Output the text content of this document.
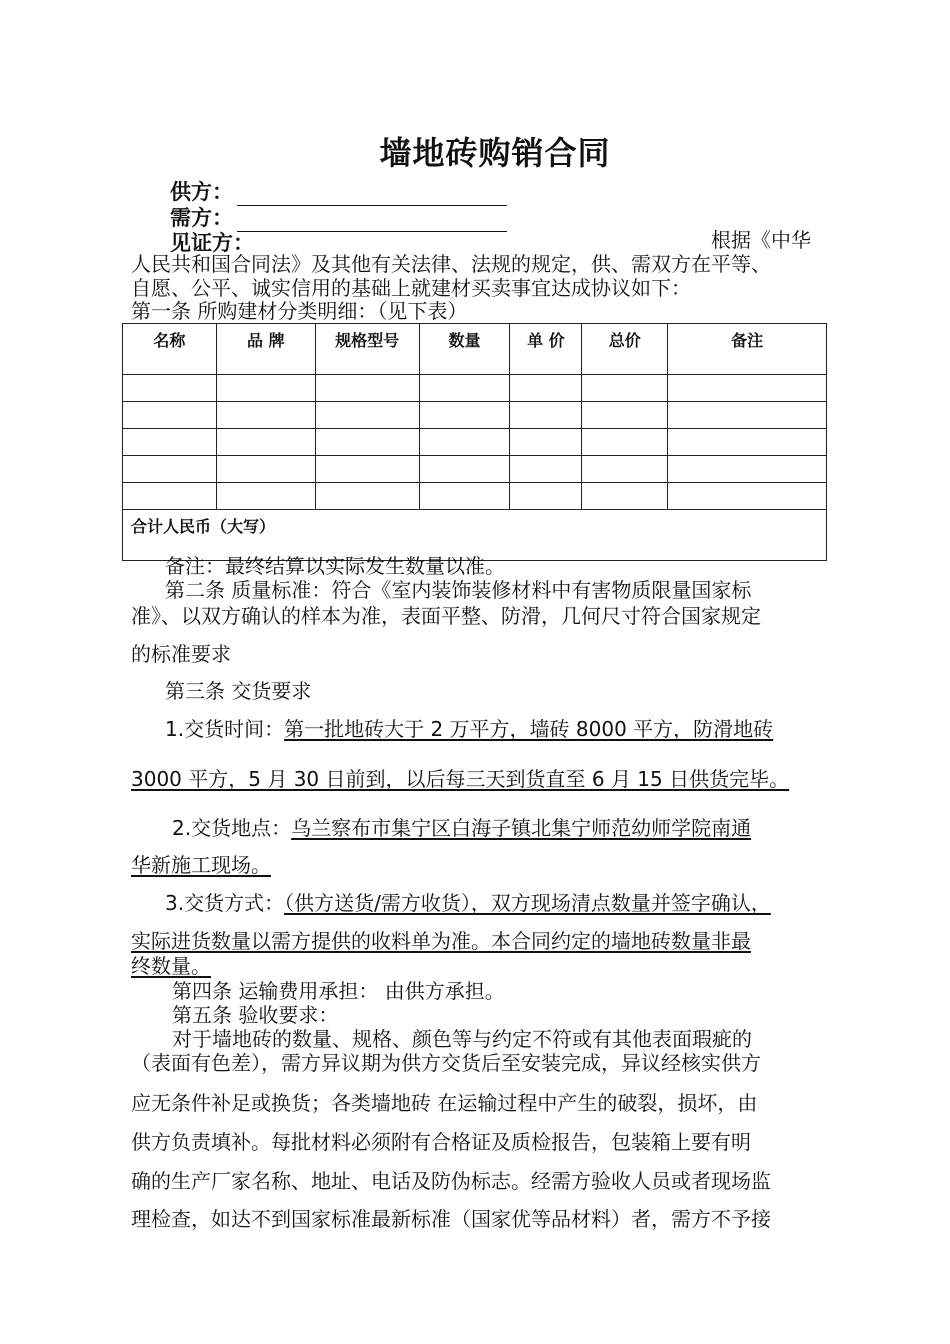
墙地砖购销合同
供方：
需方：
见证方：	根据《中华
人民共和国合同法》及其他有关法律、法规的规定，供、需双方在平等、
自愿、公平、诚实信用的基础上就建材买卖事宜达成协议如下：
第一条 所购建材分类明细：（见下表）
名称	品 牌	规格型号	数量	单 价	总价	备注

合计人民币（大写）						
备注：最终结算以实际发生数量以准。
第二条 质量标准：符合《室内装饰装修材料中有害物质限量国家标
准》、以双方确认的样本为准，表面平整、防滑，几何尺寸符合国家规定
的标准要求
第三条 交货要求
1.交货时间：第一批地砖大于 2 万平方，墙砖 8000 平方，防滑地砖
3000 平方，5 月 30 日前到，以后每三天到货直至 6 月 15 日供货完毕。
2.交货地点：乌兰察布市集宁区白海子镇北集宁师范幼师学院南通
华新施工现场。
3.交货方式：（供方送货/需方收货），双方现场清点数量并签字确认，
实际进货数量以需方提供的收料单为准。本合同约定的墙地砖数量非最
终数量。
第四条 运输费用承担： 由供方承担。
第五条 验收要求：
对于墙地砖的数量、规格、颜色等与约定不符或有其他表面瑕疵的
（表面有色差），需方异议期为供方交货后至安装完成，异议经核实供方
应无条件补足或换货；各类墙地砖 在运输过程中产生的破裂，损坏，由
供方负责填补。每批材料必须附有合格证及质检报告，包装箱上要有明
确的生产厂家名称、地址、电话及防伪标志。经需方验收人员或者现场监
理检查，如达不到国家标准最新标准（国家优等品材料）者，需方不予接
